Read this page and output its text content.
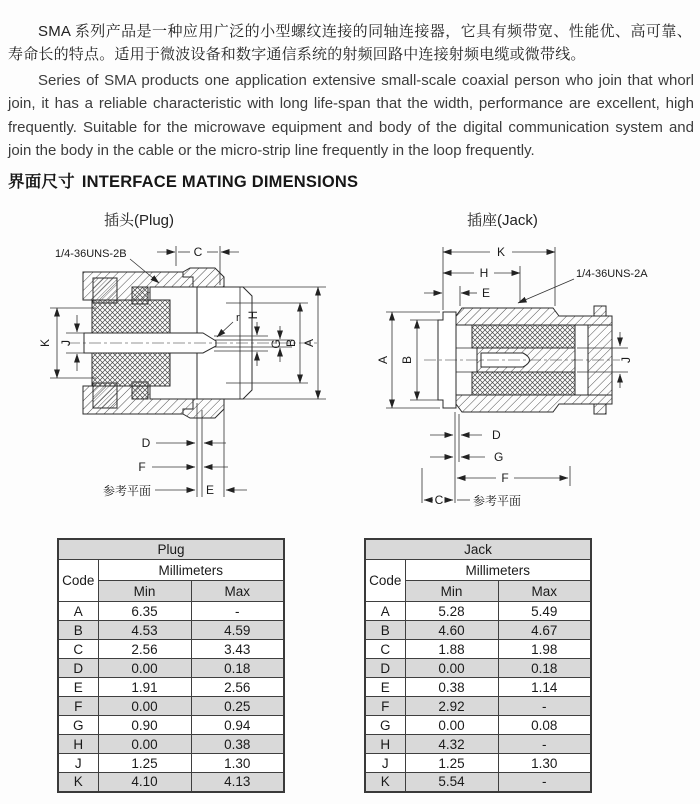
SMA 系列产品是一种应用广泛的小型螺纹连接的同轴连接器，它具有频带宽、性能优、高可靠、寿命长的特点。适用于微波设备和数字通信系统的射频回路中连接射频电缆或微带线。

Series of SMA products one application extensive small-scale coaxial person who join that whorl join, it has a reliable characteristic with long life-span that the width, performance are excellent, high frequently. Suitable for the microwave equipment and body of the digital communication system and join the body in the cable or the micro-strip line frequently in the loop frequently.

界面尺寸 INTERFACE MATING DIMENSIONS
插头(Plug)	插座(Jack)
1/4-36UNS-2B	C
r
K J
H
G B A
D
F
参考平面	E
K
H
E
1/4-36UNS-2A
A B	J
D
G
F
C 参考平面
Plug		
Code	Millimeters	
	Min	Max
A	6.35	-
B	4.53	4.59
C	2.56	3.43
D	0.00	0.18
E	1.91	2.56
F	0.00	0.25
G	0.90	0.94
H	0.00	0.38
J	1.25	1.30
K	4.10	4.13
Jack		
Code	Millimeters	
	Min	Max
A	5.28	5.49
B	4.60	4.67
C	1.88	1.98
D	0.00	0.18
E	0.38	1.14
F	2.92	-
G	0.00	0.08
H	4.32	-
J	1.25	1.30
K	5.54	-
